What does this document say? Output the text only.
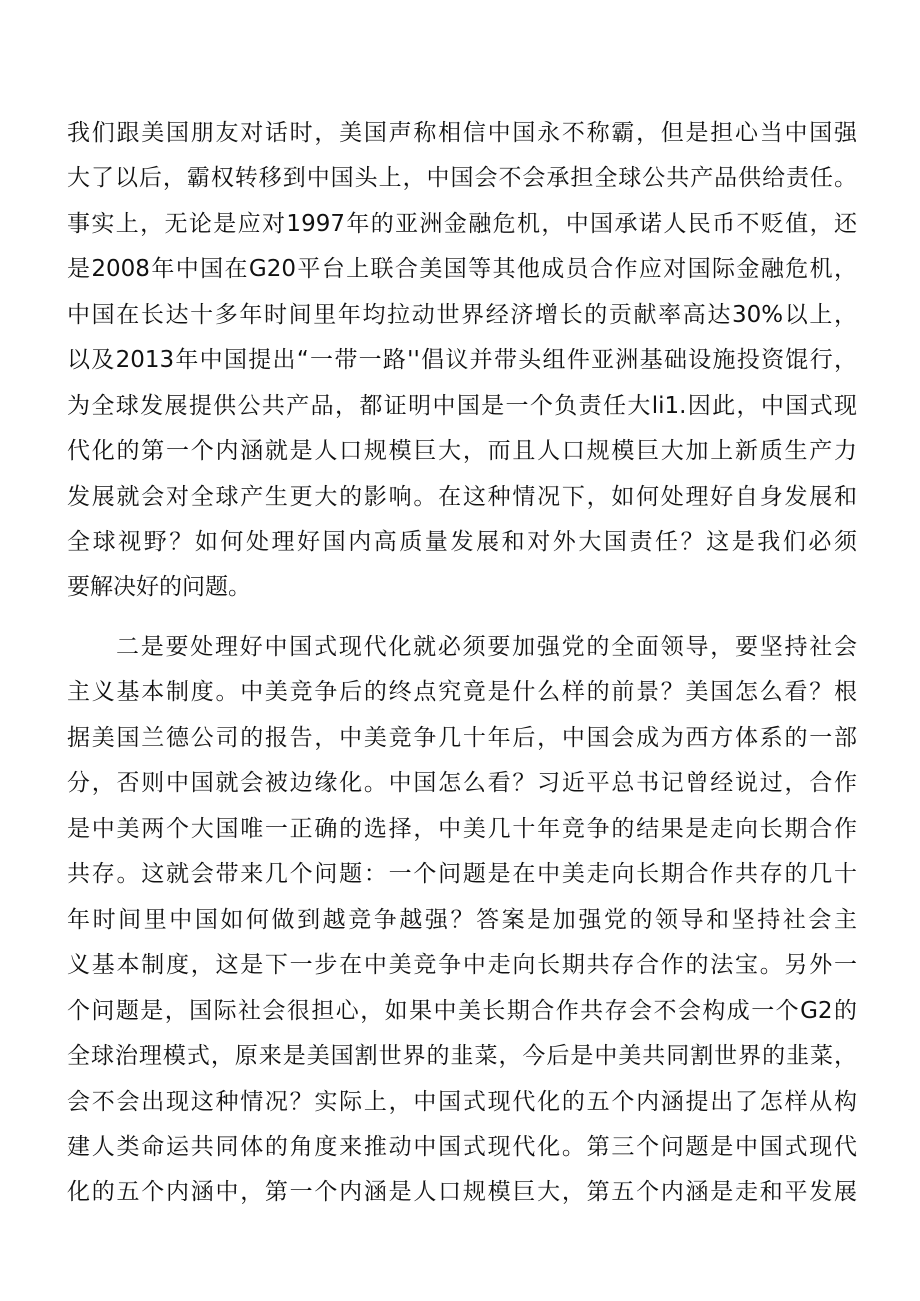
我们跟美国朋友对话时，美国声称相信中国永不称霸，但是担心当中国强
大了以后，霸权转移到中国头上，中国会不会承担全球公共产品供给责任。
事实上，无论是应对1997年的亚洲金融危机，中国承诺人民币不贬值，还
是2008年中国在G20平台上联合美国等其他成员合作应对国际金融危机，
中国在长达十多年时间里年均拉动世界经济增长的贡献率高达30%以上，
以及2013年中国提出“一带一路''倡议并带头组件亚洲基础设施投资馄行，
为全球发展提供公共产品，都证明中国是一个负责任大li1.因此，中国式现
代化的第一个内涵就是人口规模巨大，而且人口规模巨大加上新质生产力
发展就会对全球产生更大的影响。在这种情况下，如何处理好自身发展和
全球视野？如何处理好国内高质量发展和对外大国责任？这是我们必须
要解决好的问题。
二是要处理好中国式现代化就必须要加强党的全面领导，要坚持社会
主义基本制度。中美竞争后的终点究竟是什么样的前景？美国怎么看？根
据美国兰德公司的报告，中美竞争几十年后，中国会成为西方体系的一部
分，否则中国就会被边缘化。中国怎么看？习近平总书记曾经说过，合作
是中美两个大国唯一正确的选择，中美几十年竞争的结果是走向长期合作
共存。这就会带来几个问题：一个问题是在中美走向长期合作共存的几十
年时间里中国如何做到越竞争越强？答案是加强党的领导和坚持社会主
义基本制度，这是下一步在中美竞争中走向长期共存合作的法宝。另外一
个问题是，国际社会很担心，如果中美长期合作共存会不会构成一个G2的
全球治理模式，原来是美国割世界的韭菜，今后是中美共同割世界的韭菜，
会不会出现这种情况？实际上，中国式现代化的五个内涵提出了怎样从构
建人类命运共同体的角度来推动中国式现代化。第三个问题是中国式现代
化的五个内涵中，第一个内涵是人口规模巨大，第五个内涵是走和平发展
